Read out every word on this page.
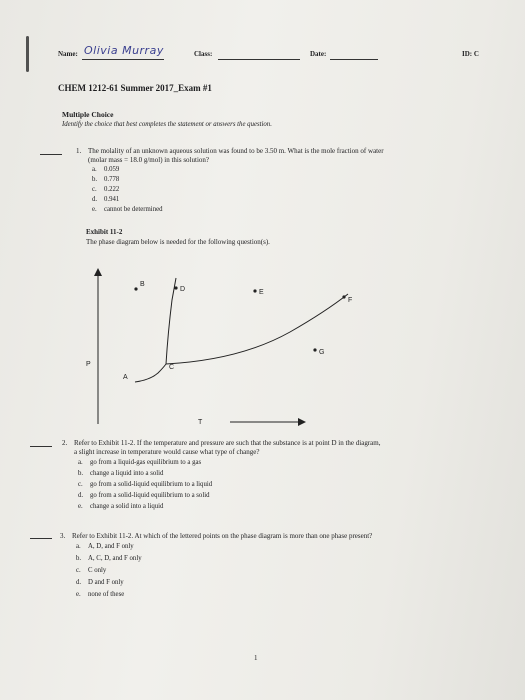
Name: Olivia Murray	Class:	Date:	ID: C
CHEM 1212-61 Summer 2017_Exam #1
Multiple Choice
Identify the choice that best completes the statement or answers the question.
1. The molality of an unknown aqueous solution was found to be 3.50 m. What is the mole fraction of water
(molar mass = 18.0 g/mol) in this solution?
a. 0.059
b. 0.778
c. 0.222
d. 0.941
e. cannot be determined
Exhibit 11-2
The phase diagram below is needed for the following question(s).
P
T
A
B
C
D	E
F
G
2. Refer to Exhibit 11-2. If the temperature and pressure are such that the substance is at point D in the diagram,
a slight increase in temperature would cause what type of change?
a. go from a liquid-gas equilibrium to a gas
b. change a liquid into a solid
c. go from a solid-liquid equilibrium to a liquid
d. go from a solid-liquid equilibrium to a solid
e. change a solid into a liquid
3. Refer to Exhibit 11-2. At which of the lettered points on the phase diagram is more than one phase present?
a. A, D, and F only
b. A, C, D, and F only
c. C only
d. D and F only
e. none of these
1
